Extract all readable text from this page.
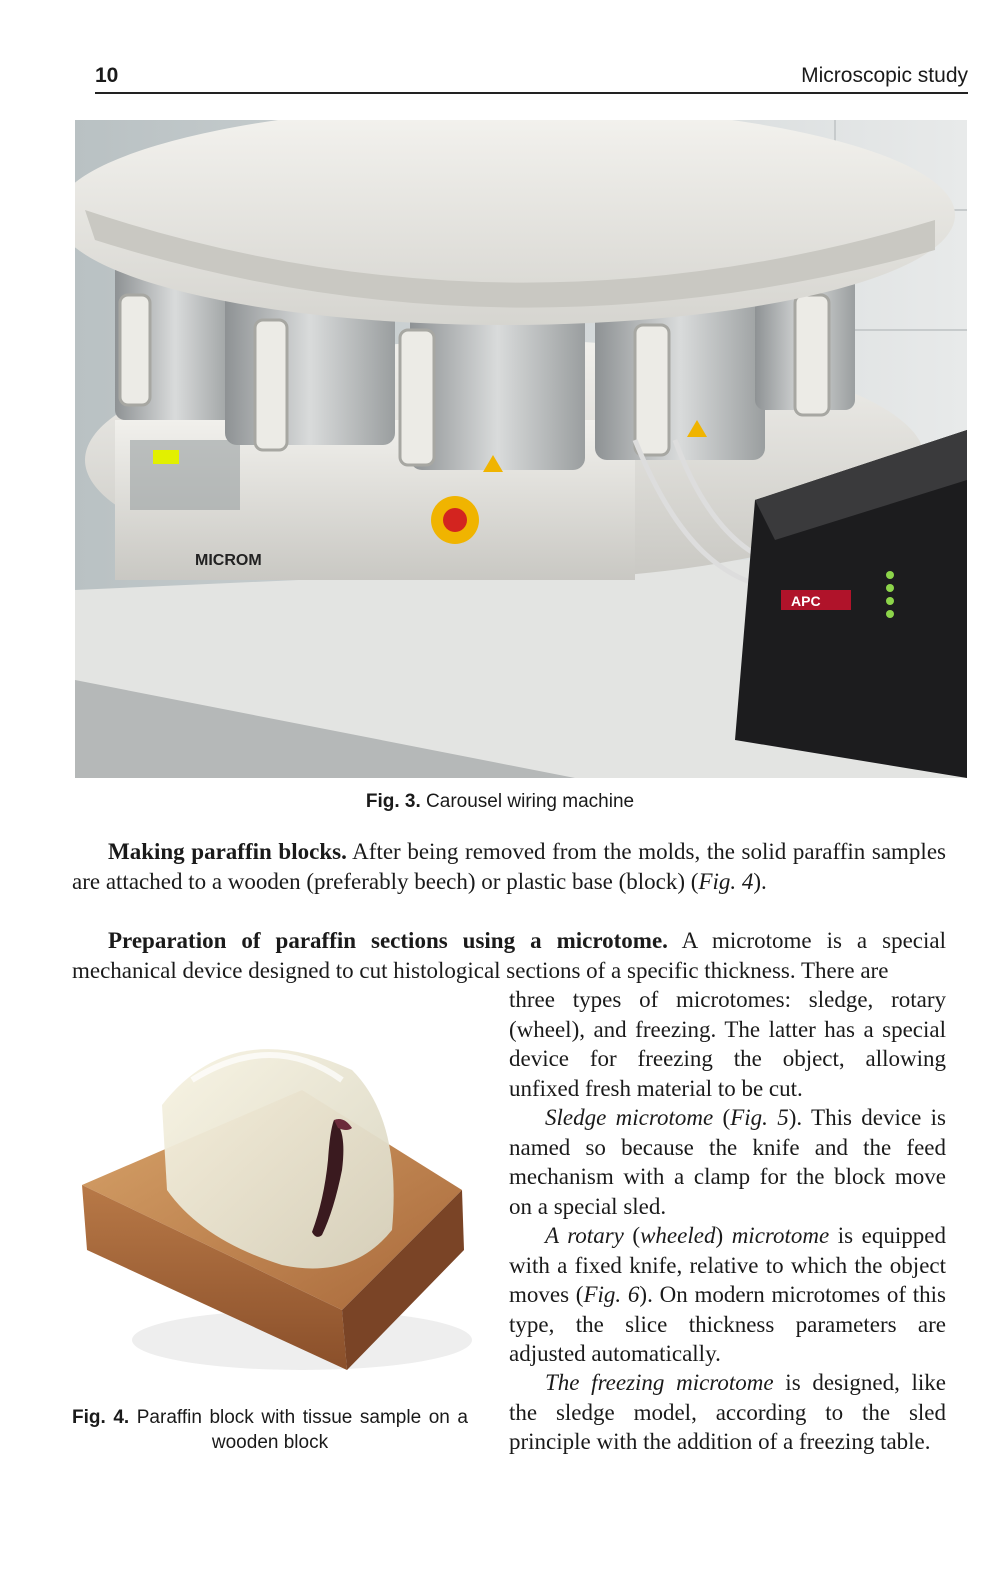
10	Microscopic study
MICROM
APC
Fig. 3. Carousel wiring machine
Making paraffin blocks. After being removed from the molds, the solid paraffin samples are attached to a wooden (preferably beech) or plastic base (block) (Fig. 4).
Preparation of paraffin sections using a microtome. A microtome is a special mechanical device designed to cut histological sections of a specific thickness. There are
three types of microtomes: sledge, rotary (wheel), and freezing. The latter has a special device for freezing the object, allowing unfixed fresh material to be cut.
Sledge microtome (Fig. 5). This device is named so because the knife and the feed mechanism with a clamp for the block move on a special sled.
A rotary (wheeled) microtome is equipped with a fixed knife, relative to which the object moves (Fig. 6). On modern microtomes of this type, the slice thickness parameters are adjusted automatically.
The freezing microtome is designed, like the sledge model, according to the sled principle with the addition of a freezing table.
Fig. 4. Paraffin block with tissue sample on a wooden block
